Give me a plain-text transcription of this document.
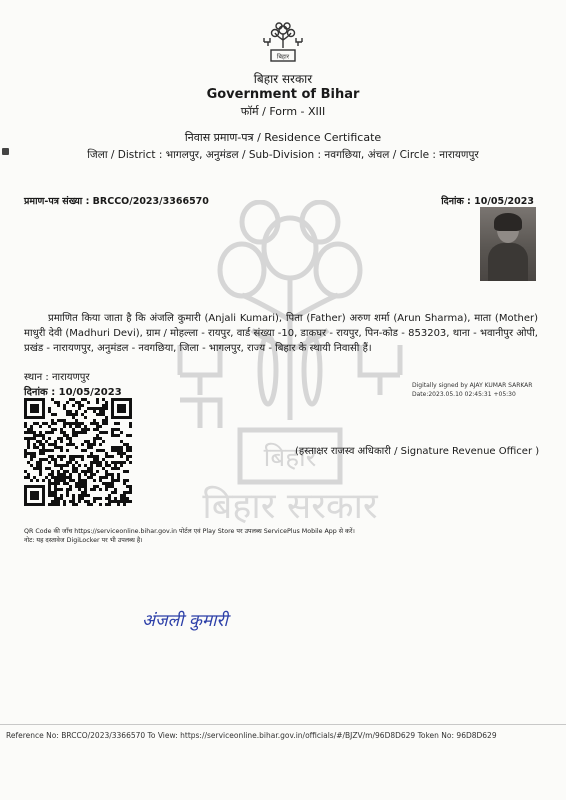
बिहार
बिहार सरकार
Government of Bihar
फॉर्म / Form - XIII
निवास प्रमाण-पत्र / Residence Certificate
जिला / District : भागलपुर, अनुमंडल / Sub-Division : नवगछिया, अंचल / Circle : नारायणपुर
प्रमाण-पत्र संख्या : BRCCO/2023/3366570	दिनांक : 10/05/2023
बिहार
बिहार सरकार
प्रमाणित किया जाता है कि अंजलि कुमारी (Anjali Kumari), पिता (Father) अरुण शर्मा (Arun Sharma), माता (Mother) माधुरी देवी (Madhuri Devi), ग्राम / मोहल्ला - रायपुर, वार्ड संख्या -10, डाकघर - रायपुर, पिन-कोड - 853203, थाना - भवानीपुर ओपी, प्रखंड - नारायणपुर, अनुमंडल - नवगछिया, जिला - भागलपुर, राज्य - बिहार के स्थायी निवासी हैं।
स्थान : नारायणपुर
दिनांक : 10/05/2023
Digitally signed by AJAY KUMAR SARKAR
Date:2023.05.10 02:45:31 +05:30
(हस्ताक्षर राजस्व अधिकारी / Signature Revenue Officer )
QR Code की जाँच https://serviceonline.bihar.gov.in पोर्टल एवं Play Store पर उपलब्ध ServicePlus Mobile App से करें।
नोट: यह दस्तावेज DigiLocker पर भी उपलब्ध है।
अंजली कुमारी
Reference No: BRCCO/2023/3366570 To View: https://serviceonline.bihar.gov.in/officials/#/BJZV/m/96D8D629 Token No: 96D8D629
